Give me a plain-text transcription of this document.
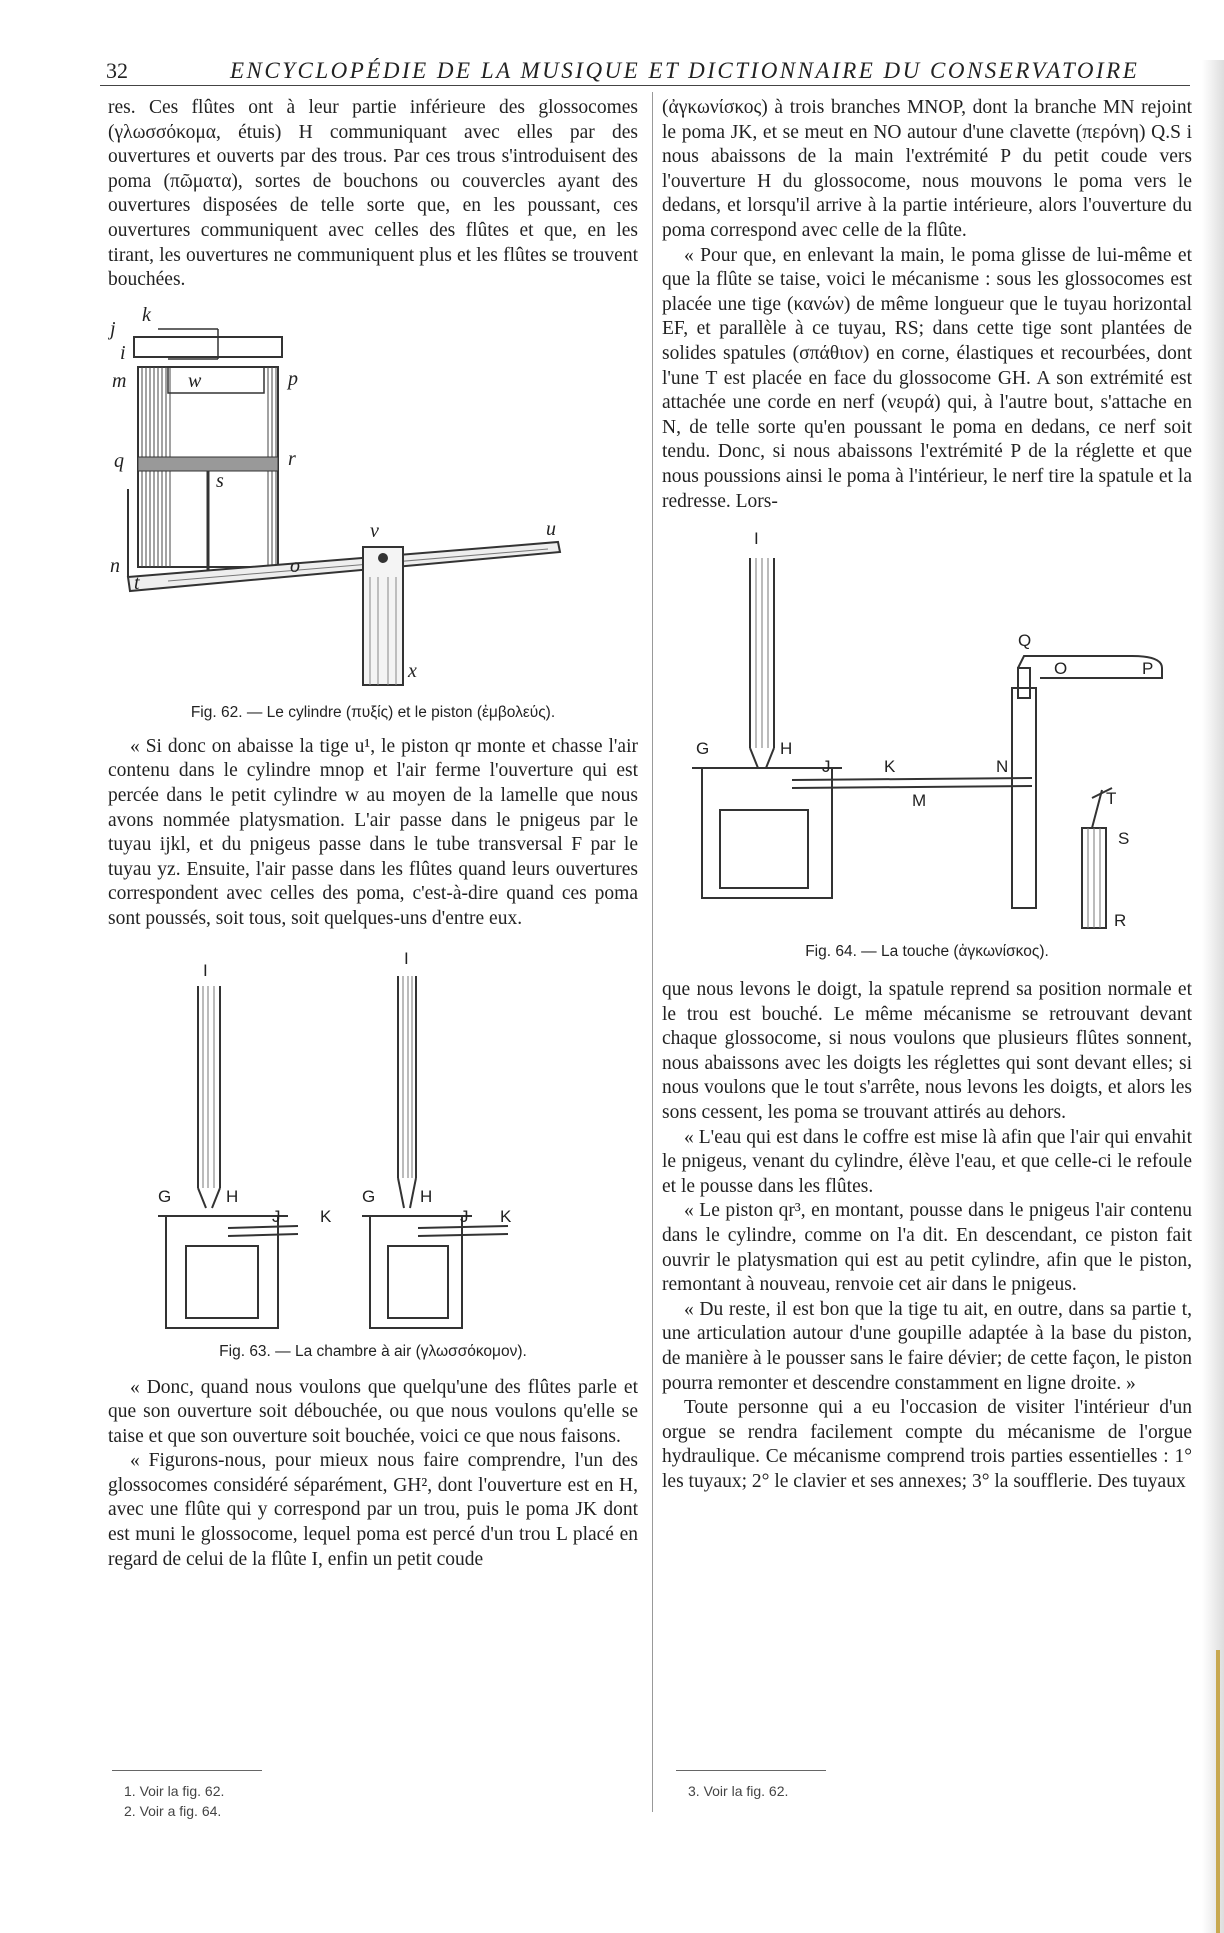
32	ENCYCLOPÉDIE DE LA MUSIQUE ET DICTIONNAIRE DU CONSERVATOIRE

res. Ces flûtes ont à leur partie inférieure des glossocomes (γλωσσόκομα, étuis) H communiquant avec elles par des ouvertures et ouverts par des trous. Par ces trous s'introduisent des poma (πῶματα), sortes de bouchons ou couvercles ayant des ouvertures disposées de telle sorte que, en les poussant, ces ouvertures communiquent avec celles des flûtes et que, en les tirant, les ouvertures ne communiquent plus et les flûtes se trouvent bouchées.

j
k
i
m	w	p
q	r
s
n	o
v	u
t
x
Fig. 62. — Le cylindre (πυξίς) et le piston (ἐμβολεύς).

« Si donc on abaisse la tige u¹, le piston qr monte et chasse l'air contenu dans le cylindre mnop et l'air ferme l'ouverture qui est percée dans le petit cylindre w au moyen de la lamelle que nous avons nommée platysmation. L'air passe dans le pnigeus par le tuyau ijkl, et du pnigeus passe dans le tube transversal F par le tuyau yz. Ensuite, l'air passe dans les flûtes quand leurs ouvertures correspondent avec celles des poma, c'est-à-dire quand ces poma sont poussés, soit tous, soit quelques-uns d'entre eux.

I
G	H
J K
I
G	H
J K
Fig. 63. — La chambre à air (γλωσσόκομον).

« Donc, quand nous voulons que quelqu'une des flûtes parle et que son ouverture soit débouchée, ou que nous voulons qu'elle se taise et que son ouverture soit bouchée, voici ce que nous faisons.

« Figurons-nous, pour mieux nous faire comprendre, l'un des glossocomes considéré séparément, GH², dont l'ouverture est en H, avec une flûte qui y correspond par un trou, puis le poma JK dont est muni le glossocome, lequel poma est percé d'un trou L placé en regard de celui de la flûte I, enfin un petit coude

1. Voir la fig. 62.
2. Voir a fig. 64.

(ἀγκωνίσκος) à trois branches MNOP, dont la branche MN rejoint le poma JK, et se meut en NO autour d'une clavette (περόνη) Q.S i nous abaissons de la main l'extrémité P du petit coude vers l'ouverture H du glossocome, nous mouvons le poma vers le dedans, et lorsqu'il arrive à la partie intérieure, alors l'ouverture du poma correspond avec celle de la flûte.

« Pour que, en enlevant la main, le poma glisse de lui-même et que la flûte se taise, voici le mécanisme : sous les glossocomes est placée une tige (κανών) de même longueur que le tuyau horizontal EF, et parallèle à ce tuyau, RS; dans cette tige sont plantées de solides spatules (σπάθιον) en corne, élastiques et recourbées, dont l'une T est placée en face du glossocome GH. A son extrémité est attachée une corde en nerf (νευρά) qui, à l'autre bout, s'attache en N, de telle sorte qu'en poussant le poma en dedans, ce nerf soit tendu. Donc, si nous abaissons l'extrémité P de la réglette et que nous poussions ainsi le poma à l'intérieur, le nerf tire la spatule et la redresse. Lors-

I
G	H
J	K	N
M
Q
O	P
T
S
R
Fig. 64. — La touche (ἀγκωνίσκος).

que nous levons le doigt, la spatule reprend sa position normale et le trou est bouché. Le même mécanisme se retrouvant devant chaque glossocome, si nous voulons que plusieurs flûtes sonnent, nous abaissons avec les doigts les réglettes qui sont devant elles; si nous voulons que le tout s'arrête, nous levons les doigts, et alors les sons cessent, les poma se trouvant attirés au dehors.

« L'eau qui est dans le coffre est mise là afin que l'air qui envahit le pnigeus, venant du cylindre, élève l'eau, et que celle-ci le refoule et le pousse dans les flûtes.

« Le piston qr³, en montant, pousse dans le pnigeus l'air contenu dans le cylindre, comme on l'a dit. En descendant, ce piston fait ouvrir le platysmation qui est au petit cylindre, afin que le piston, remontant à nouveau, renvoie cet air dans le pnigeus.

« Du reste, il est bon que la tige tu ait, en outre, dans sa partie t, une articulation autour d'une goupille adaptée à la base du piston, de manière à le pousser sans le faire dévier; de cette façon, le piston pourra remonter et descendre constamment en ligne droite. »

Toute personne qui a eu l'occasion de visiter l'intérieur d'un orgue se rendra facilement compte du mécanisme de l'orgue hydraulique. Ce mécanisme comprend trois parties essentielles : 1° les tuyaux; 2° le clavier et ses annexes; 3° la soufflerie. Des tuyaux

3. Voir la fig. 62.
